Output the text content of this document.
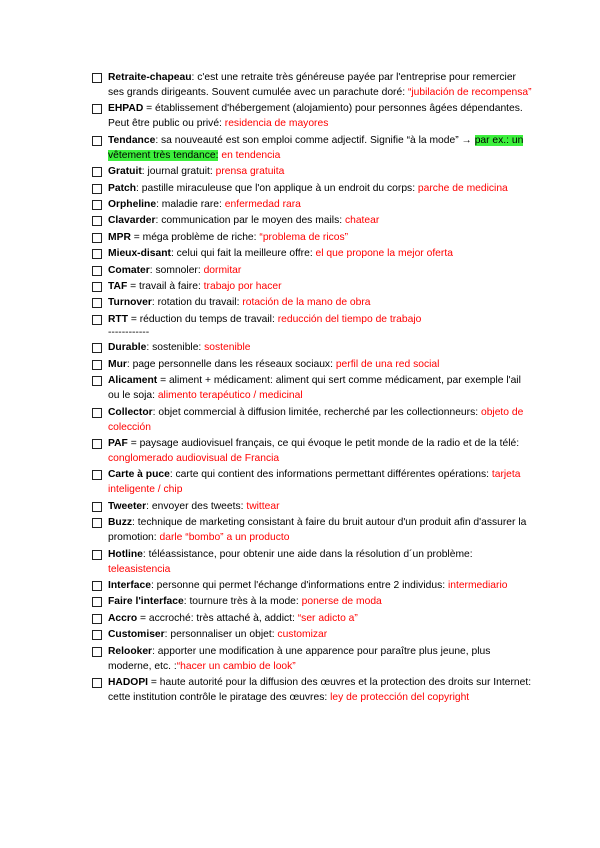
Retraite-chapeau: c'est une retraite très généreuse payée par l'entreprise pour remercier ses grands dirigeants. Souvent cumulée avec un parachute doré: “jubilación de recompensa”
EHPAD = établissement d'hébergement (alojamiento) pour personnes âgées dépendantes. Peut être public ou privé: residencia de mayores
Tendance: sa nouveauté est son emploi comme adjectif. Signifie “à la mode” → par ex.: un vêtement très tendance: en tendencia
Gratuit: journal gratuit: prensa gratuita
Patch: pastille miraculeuse que l'on applique à un endroit du corps: parche de medicina
Orpheline: maladie rare: enfermedad rara
Clavarder: communication par le moyen des mails: chatear
MPR = méga problème de riche: “problema de ricos”
Mieux-disant: celui qui fait la meilleure offre: el que propone la mejor oferta
Comater: somnoler: dormitar
TAF = travail à faire: trabajo por hacer
Turnover: rotation du travail: rotación de la mano de obra
RTT = réduction du temps de travail: reducción del tiempo de trabajo
------------
Durable: sostenible: sostenible
Mur: page personnelle dans les réseaux sociaux: perfil de una red social
Alicament = aliment + médicament: aliment qui sert comme médicament, par exemple l'ail ou le soja: alimento terapéutico / medicinal
Collector: objet commercial à diffusion limitée, recherché par les collectionneurs: objeto de colección
PAF = paysage audiovisuel français, ce qui évoque le petit monde de la radio et de la télé: conglomerado audiovisual de Francia
Carte à puce: carte qui contient des informations permettant différentes opérations: tarjeta inteligente / chip
Tweeter: envoyer des tweets: twittear
Buzz: technique de marketing consistant à faire du bruit autour d'un produit afin d'assurer la promotion: darle “bombo” a un producto
Hotline: téléassistance, pour obtenir une aide dans la résolution d´un problème: teleasistencia
Interface: personne qui permet l'échange d'informations entre 2 individus: intermediario
Faire l'interface: tournure très à la mode: ponerse de moda
Accro = accroché: très attaché à, addict: “ser adicto a”
Customiser: personnaliser un objet: customizar
Relooker: apporter une modification à une apparence pour paraître plus jeune, plus moderne, etc. :“hacer un cambio de look”
HADOPI = haute autorité pour la diffusion des œuvres et la protection des droits sur Internet: cette institution contrôle le piratage des œuvres: ley de protección del copyright
